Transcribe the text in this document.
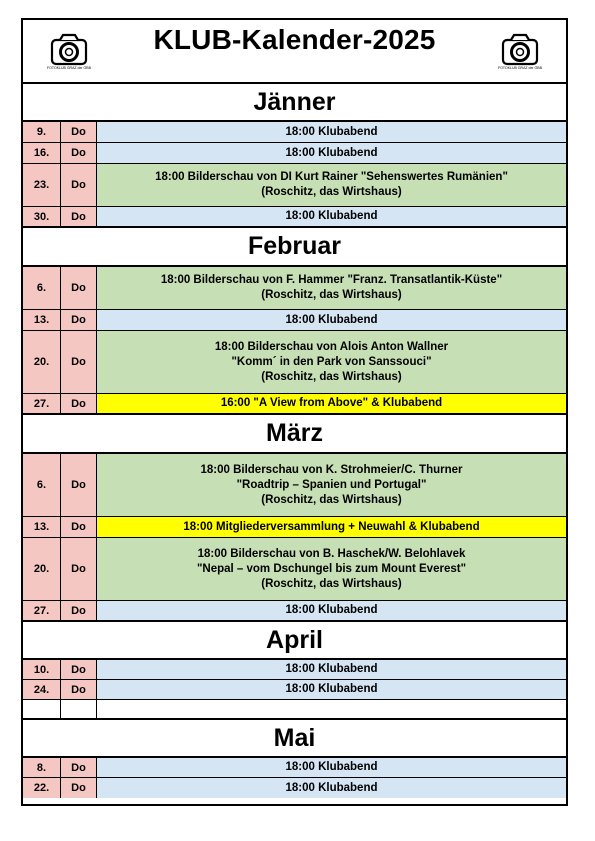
FOTOKLUB GRAZ der ÖBB
KLUB-Kalender-2025
FOTOKLUB GRAZ der ÖBB
Jänner
9.	Do	18:00 Klubabend
16.	Do	18:00 Klubabend
23.	Do
18:00 Bilderschau von DI Kurt Rainer "Sehenswertes Rumänien"
(Roschitz, das Wirtshaus)
30.	Do	18:00 Klubabend
Februar
6.	Do
18:00 Bilderschau von F. Hammer "Franz. Transatlantik-Küste"
(Roschitz, das Wirtshaus)
13.	Do	18:00 Klubabend
20.	Do
18:00 Bilderschau von Alois Anton Wallner
"Komm´ in den Park von Sanssouci"
(Roschitz, das Wirtshaus)
27.	Do	16:00 "A View from Above" & Klubabend
März
6.	Do
18:00 Bilderschau von K. Strohmeier/C. Thurner
"Roadtrip – Spanien und Portugal"
(Roschitz, das Wirtshaus)
13.	Do	18:00 Mitgliederversammlung + Neuwahl & Klubabend
20.	Do
18:00 Bilderschau von B. Haschek/W. Belohlavek
"Nepal – vom Dschungel bis zum Mount Everest"
(Roschitz, das Wirtshaus)
27.	Do	18:00 Klubabend
April
10.	Do	18:00 Klubabend
24.	Do	18:00 Klubabend
Mai
8.	Do	18:00 Klubabend
22.	Do	18:00 Klubabend
